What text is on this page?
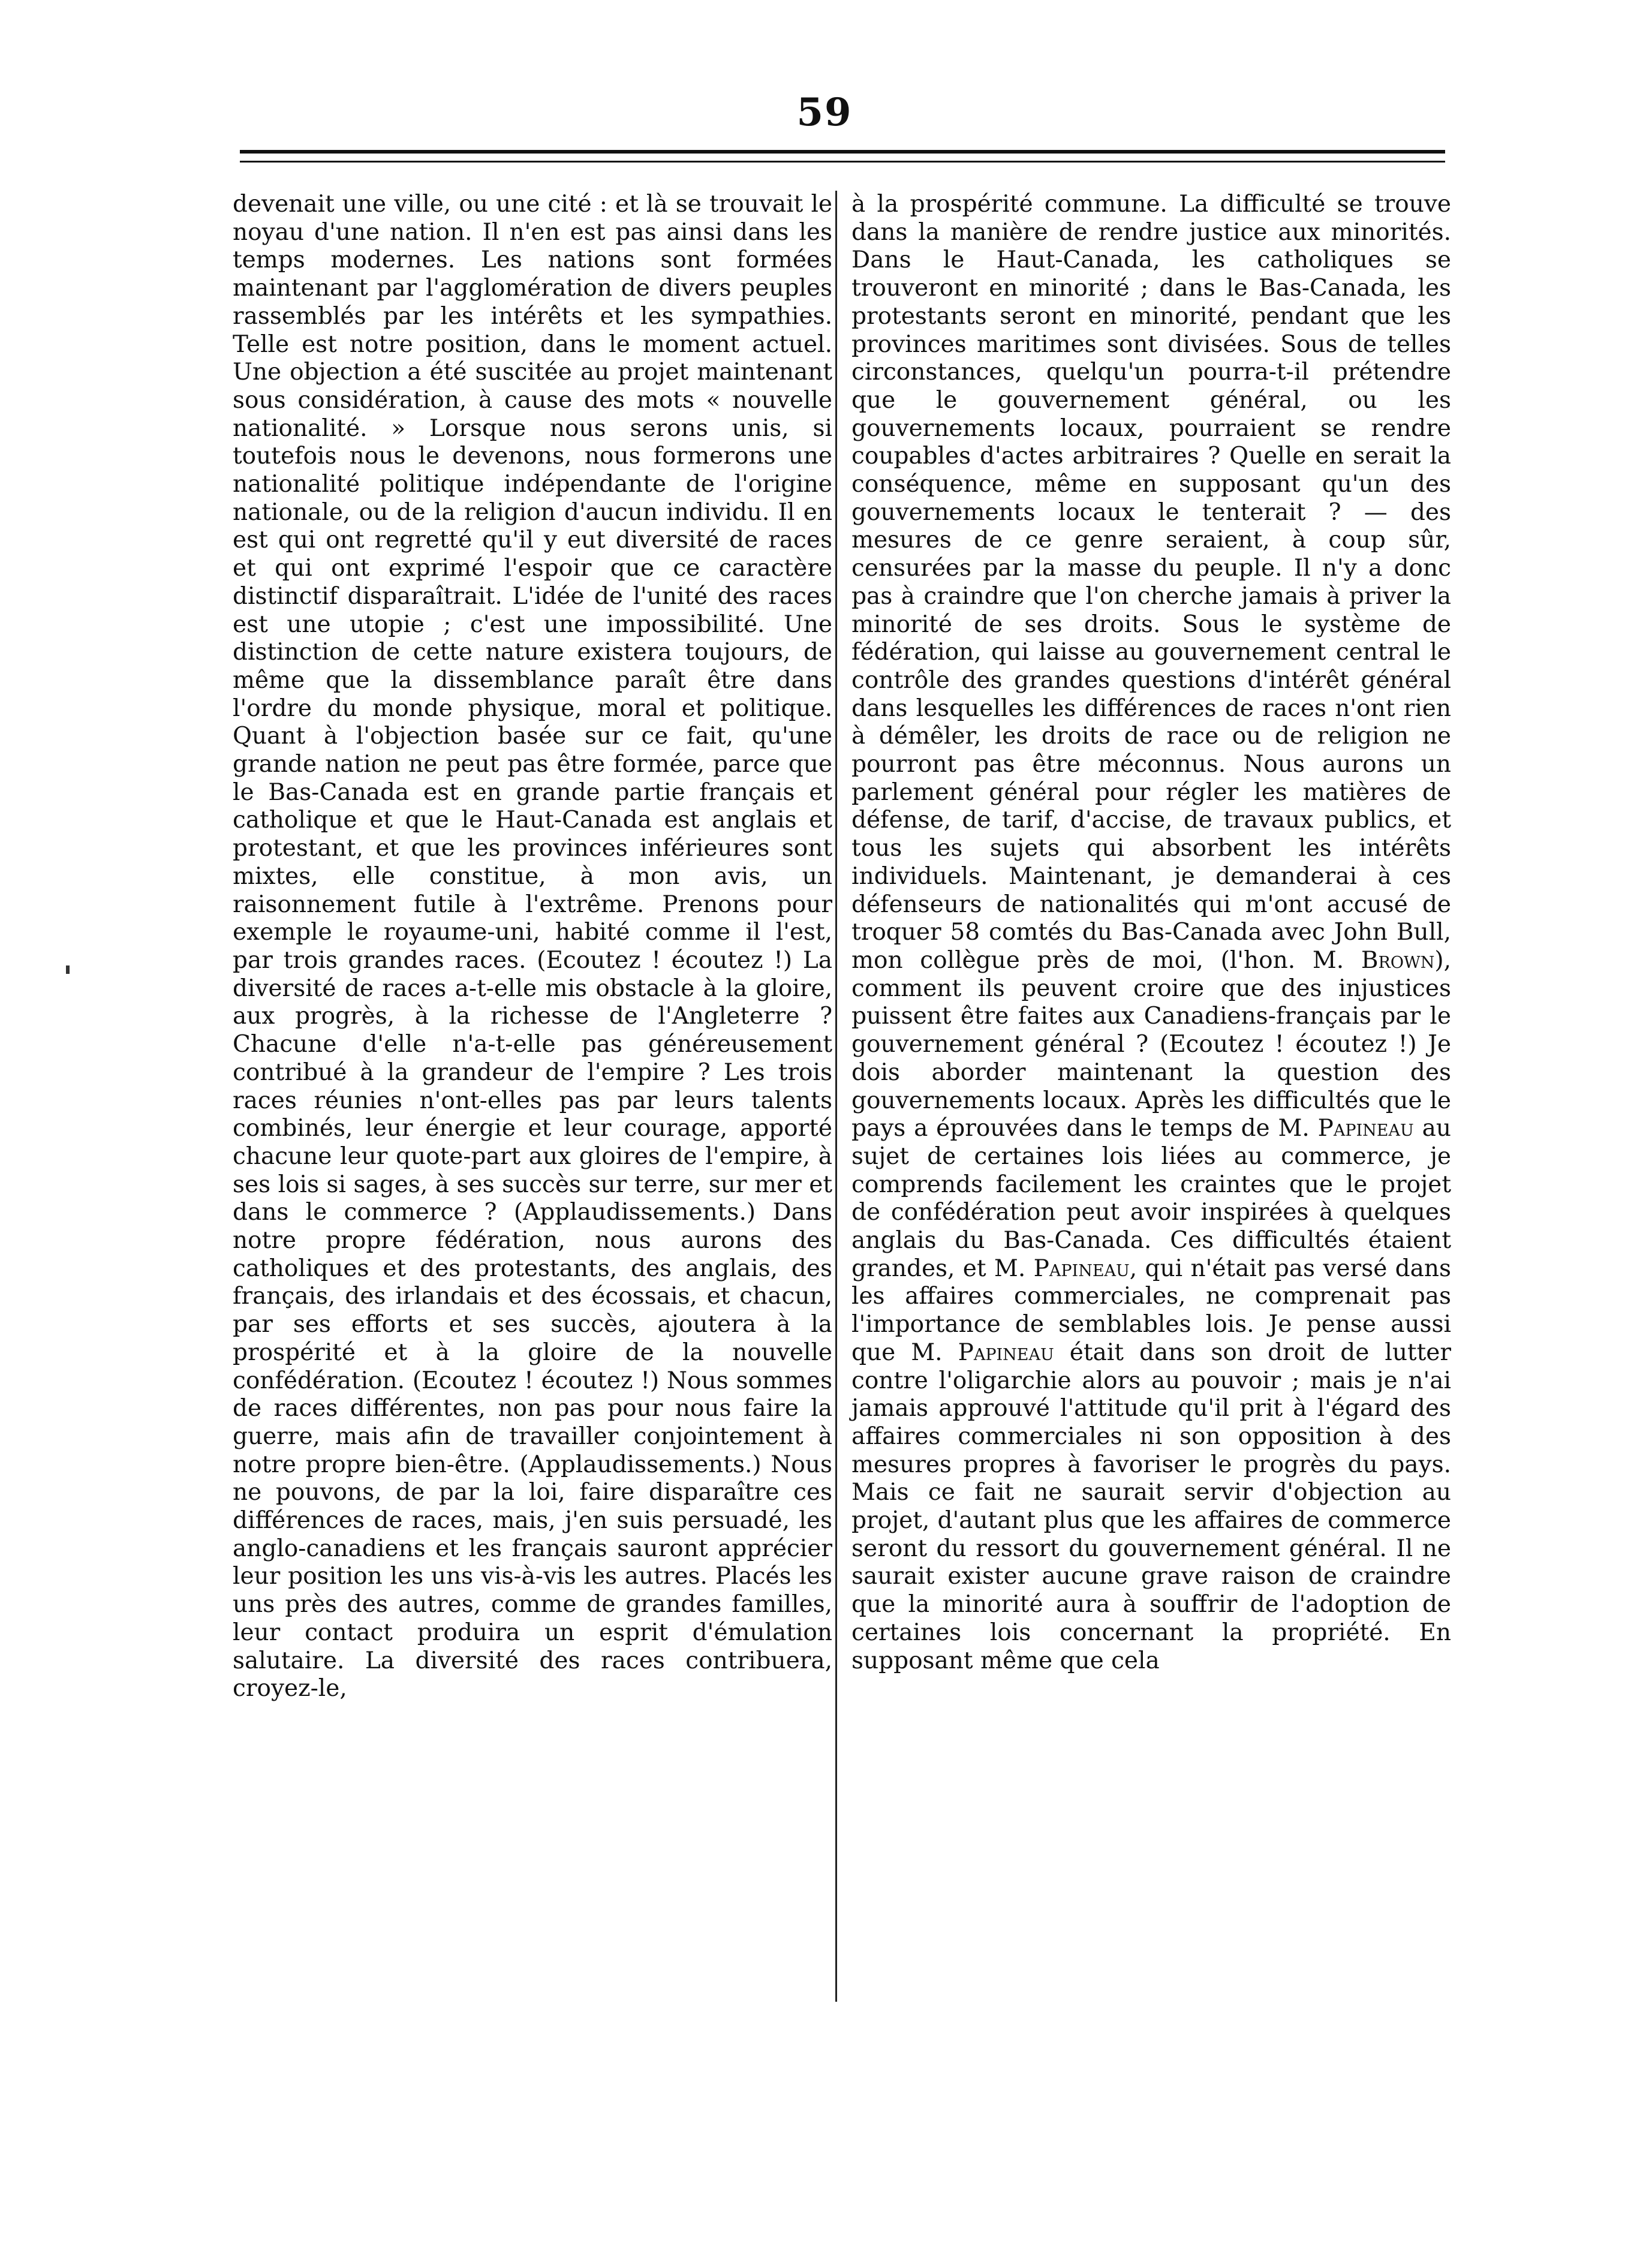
59

devenait une ville, ou une cité : et là se trouvait le noyau d'une nation. Il n'en est pas ainsi dans les temps modernes. Les nations sont formées maintenant par l'agglomération de divers peuples rassemblés par les intérêts et les sympathies. Telle est notre position, dans le moment actuel. Une objection a été suscitée au projet maintenant sous considération, à cause des mots « nouvelle nationalité. » Lorsque nous serons unis, si toutefois nous le devenons, nous formerons une nationalité politique indépendante de l'origine nationale, ou de la religion d'aucun individu. Il en est qui ont regretté qu'il y eut diversité de races et qui ont exprimé l'espoir que ce caractère distinctif disparaîtrait. L'idée de l'unité des races est une utopie ; c'est une impossibilité. Une distinction de cette nature existera toujours, de même que la dissemblance paraît être dans l'ordre du monde physique, moral et politique. Quant à l'objection basée sur ce fait, qu'une grande nation ne peut pas être formée, parce que le Bas-Canada est en grande partie français et catholique et que le Haut-Canada est anglais et protestant, et que les provinces inférieures sont mixtes, elle constitue, à mon avis, un raisonnement futile à l'extrême. Prenons pour exemple le royaume-uni, habité comme il l'est, par trois grandes races. (Ecoutez ! écoutez !) La diversité de races a-t-elle mis obstacle à la gloire, aux progrès, à la richesse de l'Angleterre ? Chacune d'elle n'a-t-elle pas généreusement contribué à la grandeur de l'empire ? Les trois races réunies n'ont-elles pas par leurs talents combinés, leur énergie et leur courage, apporté chacune leur quote-part aux gloires de l'empire, à ses lois si sages, à ses succès sur terre, sur mer et dans le commerce ? (Applaudissements.) Dans notre propre fédération, nous aurons des catholiques et des protestants, des anglais, des français, des irlandais et des écossais, et chacun, par ses efforts et ses succès, ajoutera à la prospérité et à la gloire de la nouvelle confédération. (Ecoutez ! écoutez !) Nous sommes de races différentes, non pas pour nous faire la guerre, mais afin de travailler conjointement à notre propre bien-être. (Applaudissements.) Nous ne pouvons, de par la loi, faire disparaître ces différences de races, mais, j'en suis persuadé, les anglo-canadiens et les français sauront apprécier leur position les uns vis-à-vis les autres. Placés les uns près des autres, comme de grandes familles, leur contact produira un esprit d'émulation salutaire. La diversité des races contribuera, croyez-le,

à la prospérité commune. La difficulté se trouve dans la manière de rendre justice aux minorités. Dans le Haut-Canada, les catholiques se trouveront en minorité ; dans le Bas-Canada, les protestants seront en minorité, pendant que les provinces maritimes sont divisées. Sous de telles circonstances, quelqu'un pourra-t-il prétendre que le gouvernement général, ou les gouvernements locaux, pourraient se rendre coupables d'actes arbitraires ? Quelle en serait la conséquence, même en supposant qu'un des gouvernements locaux le tenterait ? — des mesures de ce genre seraient, à coup sûr, censurées par la masse du peuple. Il n'y a donc pas à craindre que l'on cherche jamais à priver la minorité de ses droits. Sous le système de fédération, qui laisse au gouvernement central le contrôle des grandes questions d'intérêt général dans lesquelles les différences de races n'ont rien à démêler, les droits de race ou de religion ne pourront pas être méconnus. Nous aurons un parlement général pour régler les matières de défense, de tarif, d'accise, de travaux publics, et tous les sujets qui absorbent les intérêts individuels. Maintenant, je demanderai à ces défenseurs de nationalités qui m'ont accusé de troquer 58 comtés du Bas-Canada avec John Bull, mon collègue près de moi, (l'hon. M. Brown), comment ils peuvent croire que des injustices puissent être faites aux Canadiens-français par le gouvernement général ? (Ecoutez ! écoutez !) Je dois aborder maintenant la question des gouvernements locaux. Après les difficultés que le pays a éprouvées dans le temps de M. Papineau au sujet de certaines lois liées au commerce, je comprends facilement les craintes que le projet de confédération peut avoir inspirées à quelques anglais du Bas-Canada. Ces difficultés étaient grandes, et M. Papineau, qui n'était pas versé dans les affaires commerciales, ne comprenait pas l'importance de semblables lois. Je pense aussi que M. Papineau était dans son droit de lutter contre l'oligarchie alors au pouvoir ; mais je n'ai jamais approuvé l'attitude qu'il prit à l'égard des affaires commerciales ni son opposition à des mesures propres à favoriser le progrès du pays. Mais ce fait ne saurait servir d'objection au projet, d'autant plus que les affaires de commerce seront du ressort du gouvernement général. Il ne saurait exister aucune grave raison de craindre que la minorité aura à souffrir de l'adoption de certaines lois concernant la propriété. En supposant même que cela
